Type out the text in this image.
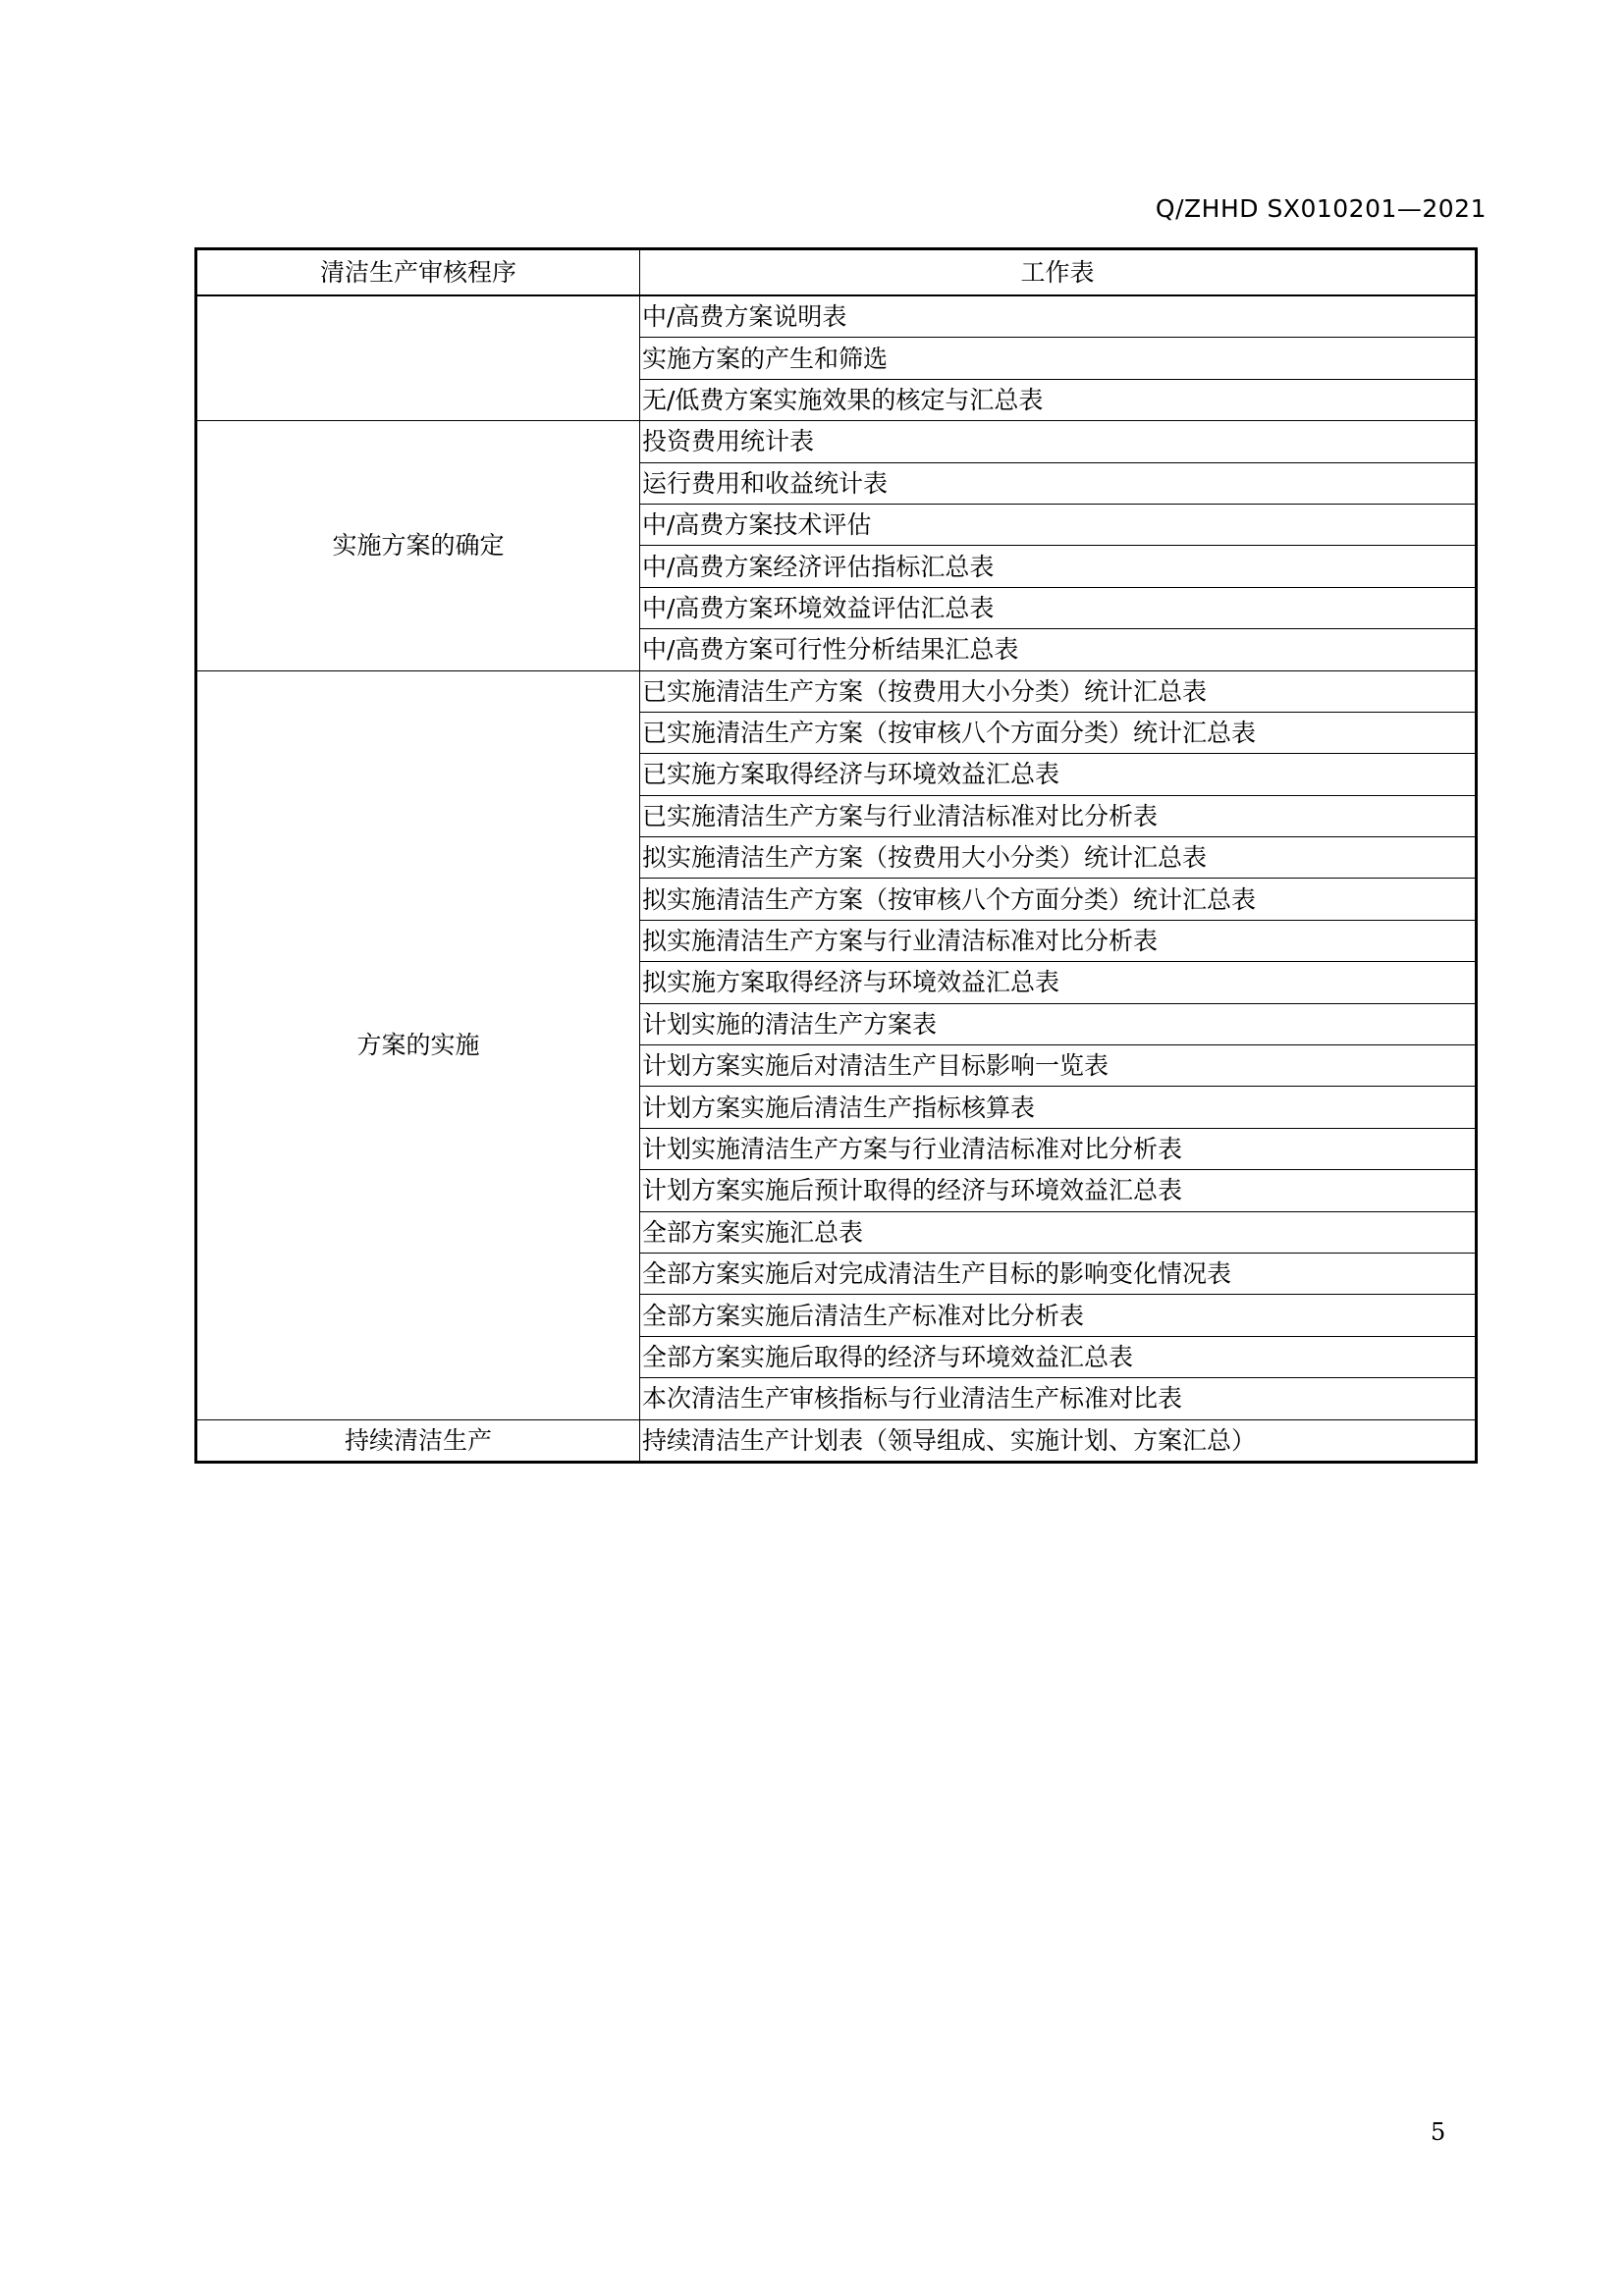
Q/ZHHD SX010201—2021
清洁生产审核程序	工作表
	中/高费方案说明表
	实施方案的产生和筛选
	无/低费方案实施效果的核定与汇总表
实施方案的确定	投资费用统计表
	运行费用和收益统计表
	中/高费方案技术评估
	中/高费方案经济评估指标汇总表
	中/高费方案环境效益评估汇总表
	中/高费方案可行性分析结果汇总表
方案的实施	已实施清洁生产方案（按费用大小分类）统计汇总表
	已实施清洁生产方案（按审核八个方面分类）统计汇总表
	已实施方案取得经济与环境效益汇总表
	已实施清洁生产方案与行业清洁标准对比分析表
	拟实施清洁生产方案（按费用大小分类）统计汇总表
	拟实施清洁生产方案（按审核八个方面分类）统计汇总表
	拟实施清洁生产方案与行业清洁标准对比分析表
	拟实施方案取得经济与环境效益汇总表
	计划实施的清洁生产方案表
	计划方案实施后对清洁生产目标影响一览表
	计划方案实施后清洁生产指标核算表
	计划实施清洁生产方案与行业清洁标准对比分析表
	计划方案实施后预计取得的经济与环境效益汇总表
	全部方案实施汇总表
	全部方案实施后对完成清洁生产目标的影响变化情况表
	全部方案实施后清洁生产标准对比分析表
	全部方案实施后取得的经济与环境效益汇总表
	本次清洁生产审核指标与行业清洁生产标准对比表
持续清洁生产	持续清洁生产计划表（领导组成、实施计划、方案汇总）
5
